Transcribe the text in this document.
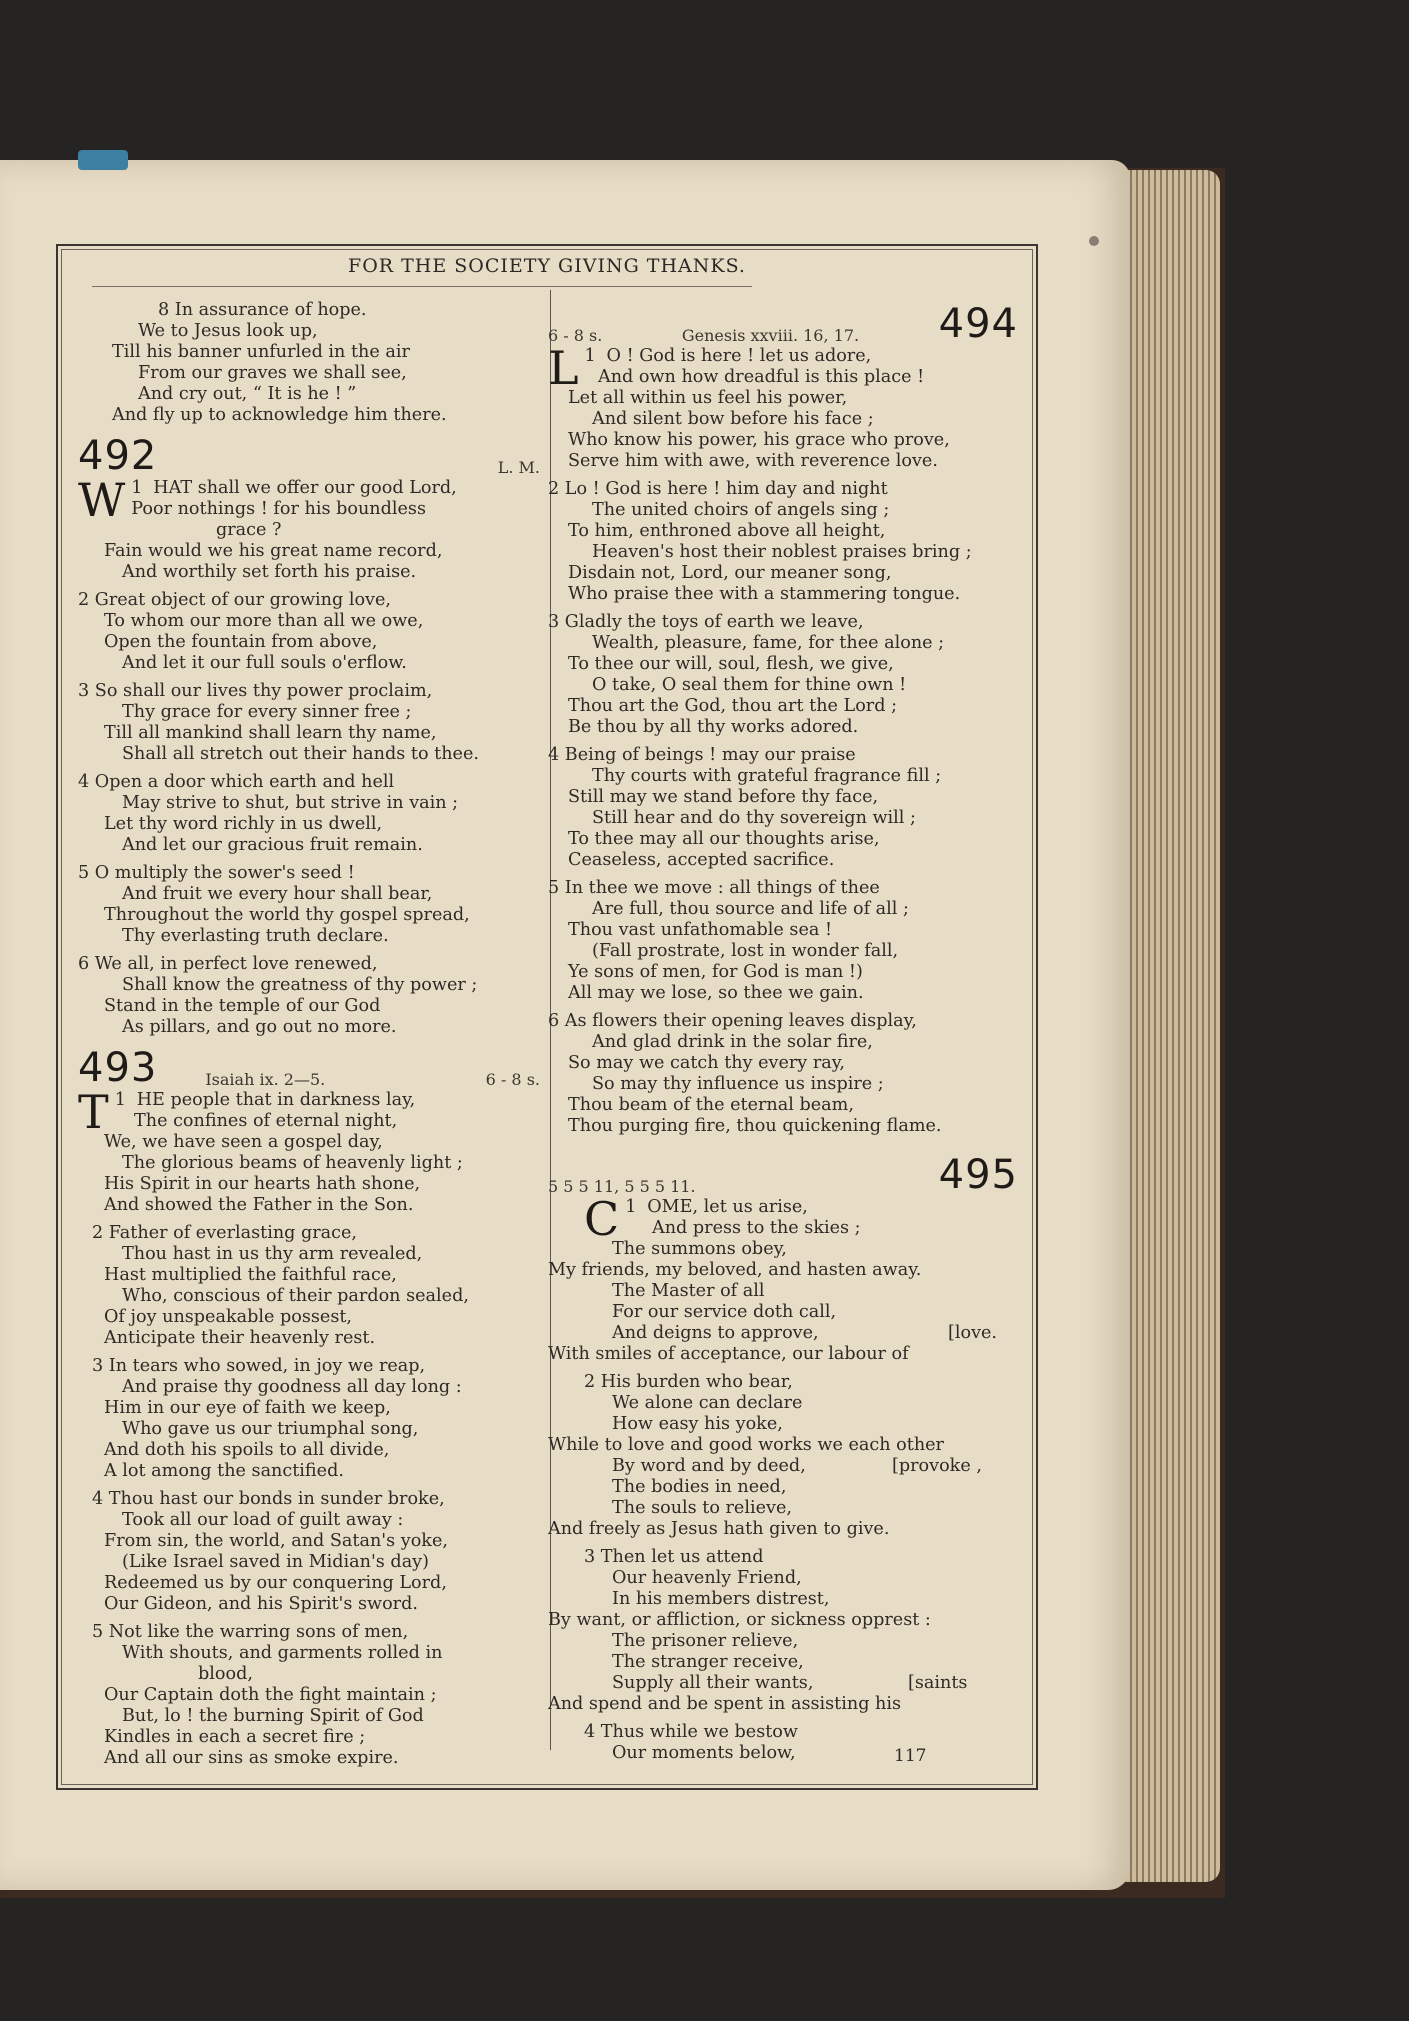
FOR THE SOCIETY GIVING THANKS.
8 In assurance of hope.
We to Jesus look up,
Till his banner unfurled in the air
From our graves we shall see,
And cry out, “ It is he ! ”
And fly up to acknowledge him there.
492	L. M.
1
W HAT shall we offer our good Lord,
Poor nothings ! for his boundless
grace ?
Fain would we his great name record,
And worthily set forth his praise.
2 Great object of our growing love,
To whom our more than all we owe,
Open the fountain from above,
And let it our full souls o'erflow.
3 So shall our lives thy power proclaim,
Thy grace for every sinner free ;
Till all mankind shall learn thy name,
Shall all stretch out their hands to thee.
4 Open a door which earth and hell
May strive to shut, but strive in vain ;
Let thy word richly in us dwell,
And let our gracious fruit remain.
5 O multiply the sower's seed !
And fruit we every hour shall bear,
Throughout the world thy gospel spread,
Thy everlasting truth declare.
6 We all, in perfect love renewed,
Shall know the greatness of thy power ;
Stand in the temple of our God
As pillars, and go out no more.
493	Isaiah ix. 2—5.	6 - 8 s.
1
T HE people that in darkness lay,
The confines of eternal night,
We, we have seen a gospel day,
The glorious beams of heavenly light ;
His Spirit in our hearts hath shone,
And showed the Father in the Son.
2 Father of everlasting grace,
Thou hast in us thy arm revealed,
Hast multiplied the faithful race,
Who, conscious of their pardon sealed,
Of joy unspeakable possest,
Anticipate their heavenly rest.
3 In tears who sowed, in joy we reap,
And praise thy goodness all day long :
Him in our eye of faith we keep,
Who gave us our triumphal song,
And doth his spoils to all divide,
A lot among the sanctified.
4 Thou hast our bonds in sunder broke,
Took all our load of guilt away :
From sin, the world, and Satan's yoke,
(Like Israel saved in Midian's day)
Redeemed us by our conquering Lord,
Our Gideon, and his Spirit's sword.
5 Not like the warring sons of men,
With shouts, and garments rolled in
blood,
Our Captain doth the fight maintain ;
But, lo ! the burning Spirit of God
Kindles in each a secret fire ;
And all our sins as smoke expire.
6 - 8 s.	Genesis xxviii. 16, 17. 494
1
L O ! God is here ! let us adore,
And own how dreadful is this place !
Let all within us feel his power,
And silent bow before his face ;
Who know his power, his grace who prove,
Serve him with awe, with reverence love.
2 Lo ! God is here ! him day and night
The united choirs of angels sing ;
To him, enthroned above all height,
Heaven's host their noblest praises bring ;
Disdain not, Lord, our meaner song,
Who praise thee with a stammering tongue.
3 Gladly the toys of earth we leave,
Wealth, pleasure, fame, for thee alone ;
To thee our will, soul, flesh, we give,
O take, O seal them for thine own !
Thou art the God, thou art the Lord ;
Be thou by all thy works adored.
4 Being of beings ! may our praise
Thy courts with grateful fragrance fill ;
Still may we stand before thy face,
Still hear and do thy sovereign will ;
To thee may all our thoughts arise,
Ceaseless, accepted sacrifice.
5 In thee we move : all things of thee
Are full, thou source and life of all ;
Thou vast unfathomable sea !
(Fall prostrate, lost in wonder fall,
Ye sons of men, for God is man !)
All may we lose, so thee we gain.
6 As flowers their opening leaves display,
And glad drink in the solar fire,
So may we catch thy every ray,
So may thy influence us inspire ;
Thou beam of the eternal beam,
Thou purging fire, thou quickening flame.
5 5 5 11, 5 5 5 11.	495
1
C OME, let us arise,
And press to the skies ;
The summons obey,
My friends, my beloved, and hasten away.
The Master of all
For our service doth call,
And deigns to approve,	[love.
With smiles of acceptance, our labour of
2 His burden who bear,
We alone can declare
How easy his yoke,
While to love and good works we each other
By word and by deed,	[provoke ,
The bodies in need,
The souls to relieve,
And freely as Jesus hath given to give.
3 Then let us attend
Our heavenly Friend,
In his members distrest,
By want, or affliction, or sickness opprest :
The prisoner relieve,
The stranger receive,
Supply all their wants,	[saints
And spend and be spent in assisting his
4 Thus while we bestow
Our moments below,	117
